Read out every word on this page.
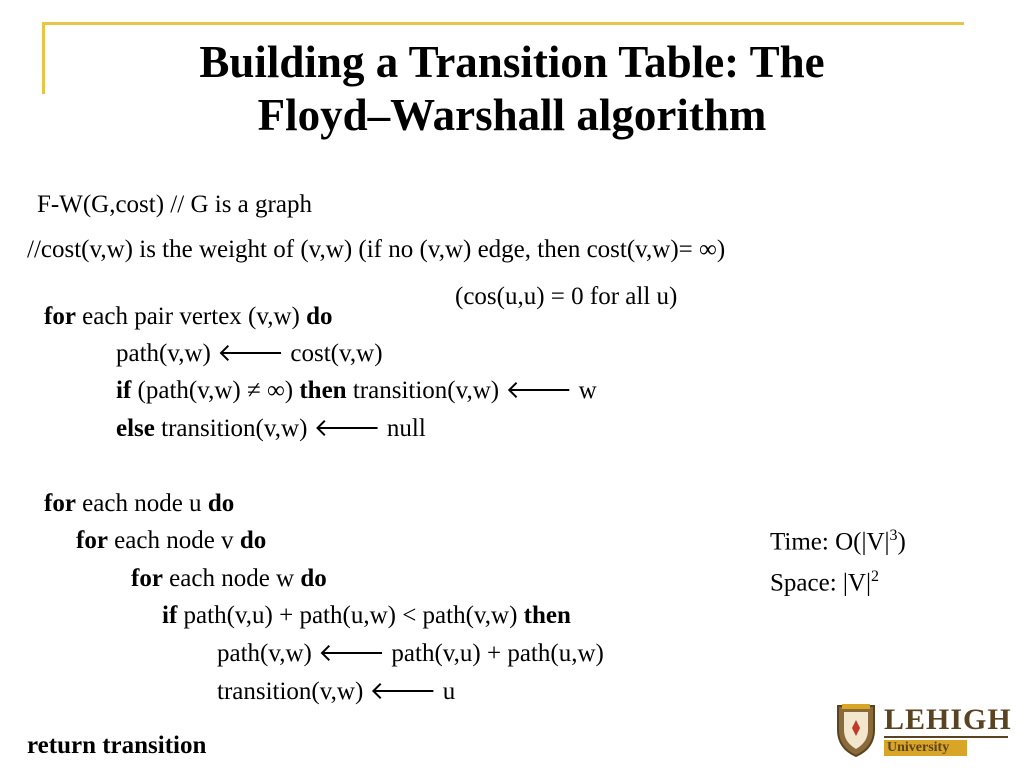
Building a Transition Table: The
Floyd–Warshall algorithm
F-W(G,cost) // G is a graph
//cost(v,w) is the weight of (v,w) (if no (v,w) edge, then cost(v,w)= ∞)
(cos(u,u) = 0 for all u)
for each pair vertex (v,w) do
path(v,w) 🡐 cost(v,w)
if (path(v,w) ≠ ∞) then transition(v,w) 🡐 w
else transition(v,w) 🡐 null
for each node u do
for each node v do
for each node w do
if path(v,u) + path(u,w) < path(v,w) then
path(v,w) 🡐 path(v,u) + path(u,w)
transition(v,w) 🡐 u
return transition
Time: $O(|V|^3)$
Space: $|V|^2$
LEHIGH
University
